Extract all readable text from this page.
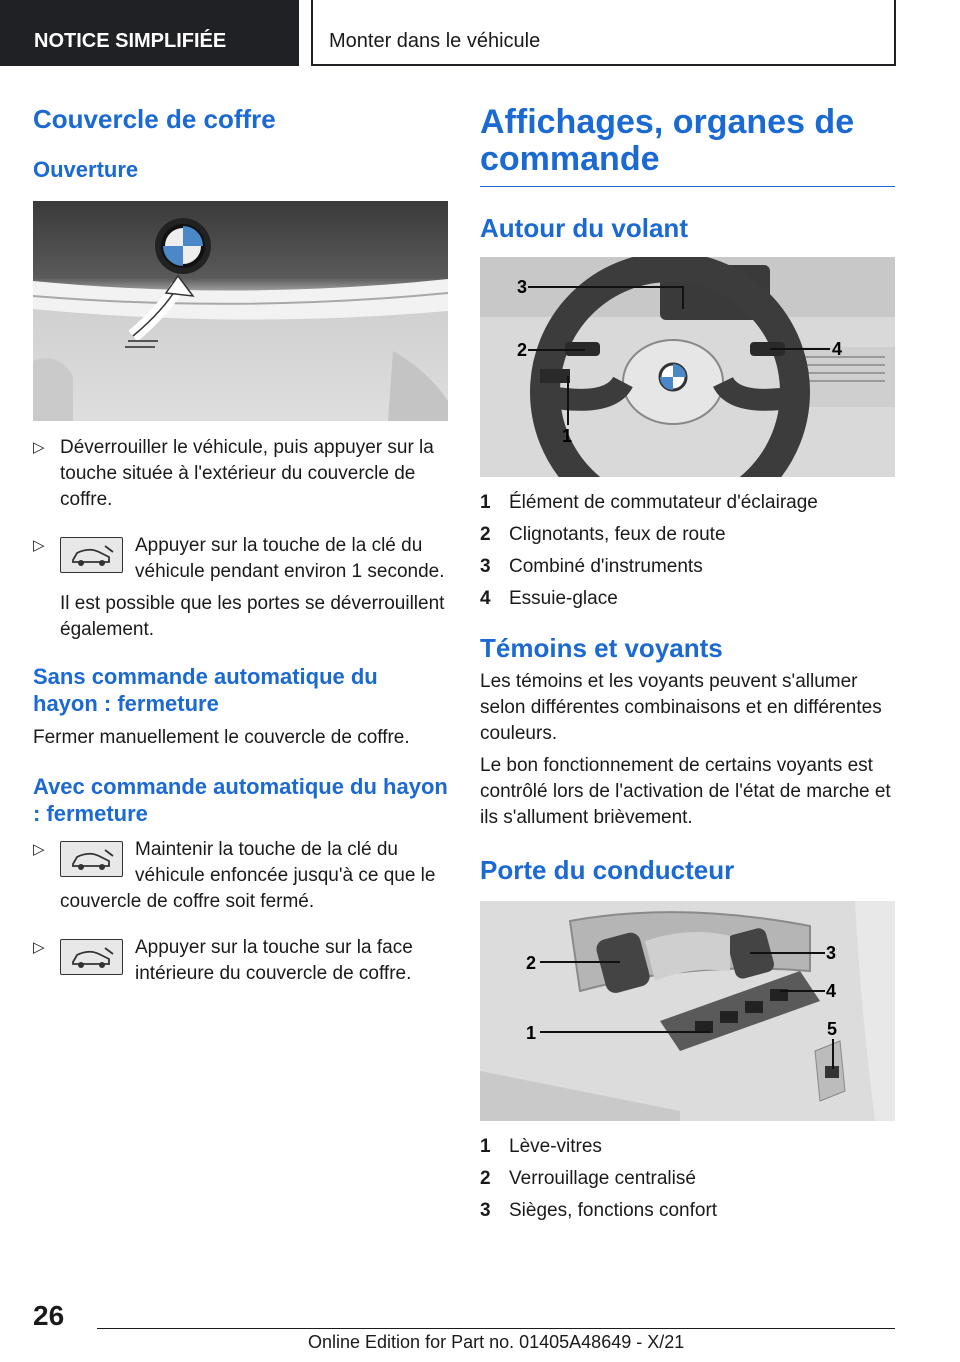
NOTICE SIMPLIFIÉE	Monter dans le véhicule
Couvercle de coffre
Ouverture
▷ Déverrouiller le véhicule, puis appuyer sur la touche située à l'extérieur du couvercle de coffre.
▷	Appuyer sur la touche de la clé du véhicule pendant environ 1 seconde.
Il est possible que les portes se déverrouillent également.
Sans commande automatique du hayon : fermeture

Fermer manuellement le couvercle de coffre.

Avec commande automatique du hayon : fermeture
▷	Maintenir la touche de la clé du véhicule enfoncée jusqu'à ce que le couvercle de coffre soit fermé.
▷	Appuyer sur la touche sur la face intérieure du couvercle de coffre.
Affichages, organes de commande
Autour du volant
3
2	4
1
1 Élément de commutateur d'éclairage
2 Clignotants, feux de route
3 Combiné d'instruments
4 Essuie-glace
Témoins et voyants

Les témoins et les voyants peuvent s'allumer selon différentes combinaisons et en différentes couleurs.

Le bon fonctionnement de certains voyants est contrôlé lors de l'activation de l'état de marche et ils s'allument brièvement.

Porte du conducteur
2	3
4
1	5
1 Lève-vitres
2 Verrouillage centralisé
3 Sièges, fonctions confort
26
Online Edition for Part no. 01405A48649 - X/21
